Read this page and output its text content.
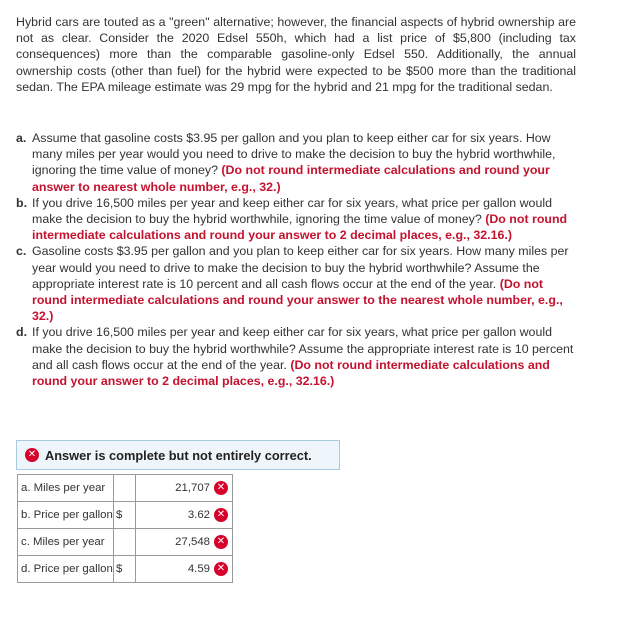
Hybrid cars are touted as a "green" alternative; however, the financial aspects of hybrid ownership are not as clear. Consider the 2020 Edsel 550h, which had a list price of $5,800 (including tax consequences) more than the comparable gasoline-only Edsel 550. Additionally, the annual ownership costs (other than fuel) for the hybrid were expected to be $500 more than the traditional sedan. The EPA mileage estimate was 29 mpg for the hybrid and 21 mpg for the traditional sedan.

a. Assume that gasoline costs $3.95 per gallon and you plan to keep either car for six years. How many miles per year would you need to drive to make the decision to buy the hybrid worthwhile, ignoring the time value of money? (Do not round intermediate calculations and round your answer to nearest whole number, e.g., 32.)
b. If you drive 16,500 miles per year and keep either car for six years, what price per gallon would make the decision to buy the hybrid worthwhile, ignoring the time value of money? (Do not round intermediate calculations and round your answer to 2 decimal places, e.g., 32.16.)
c. Gasoline costs $3.95 per gallon and you plan to keep either car for six years. How many miles per year would you need to drive to make the decision to buy the hybrid worthwhile? Assume the appropriate interest rate is 10 percent and all cash flows occur at the end of the year. (Do not round intermediate calculations and round your answer to the nearest whole number, e.g., 32.)
d. If you drive 16,500 miles per year and keep either car for six years, what price per gallon would make the decision to buy the hybrid worthwhile? Assume the appropriate interest rate is 10 percent and all cash flows occur at the end of the year. (Do not round intermediate calculations and round your answer to 2 decimal places, e.g., 32.16.)
✕ Answer is complete but not entirely correct.
a. Miles per year		21,707 ✕

b. Price per gallon	$	3.62 ✕

c. Miles per year		27,548 ✕

d. Price per gallon	$	4.59 ✕
